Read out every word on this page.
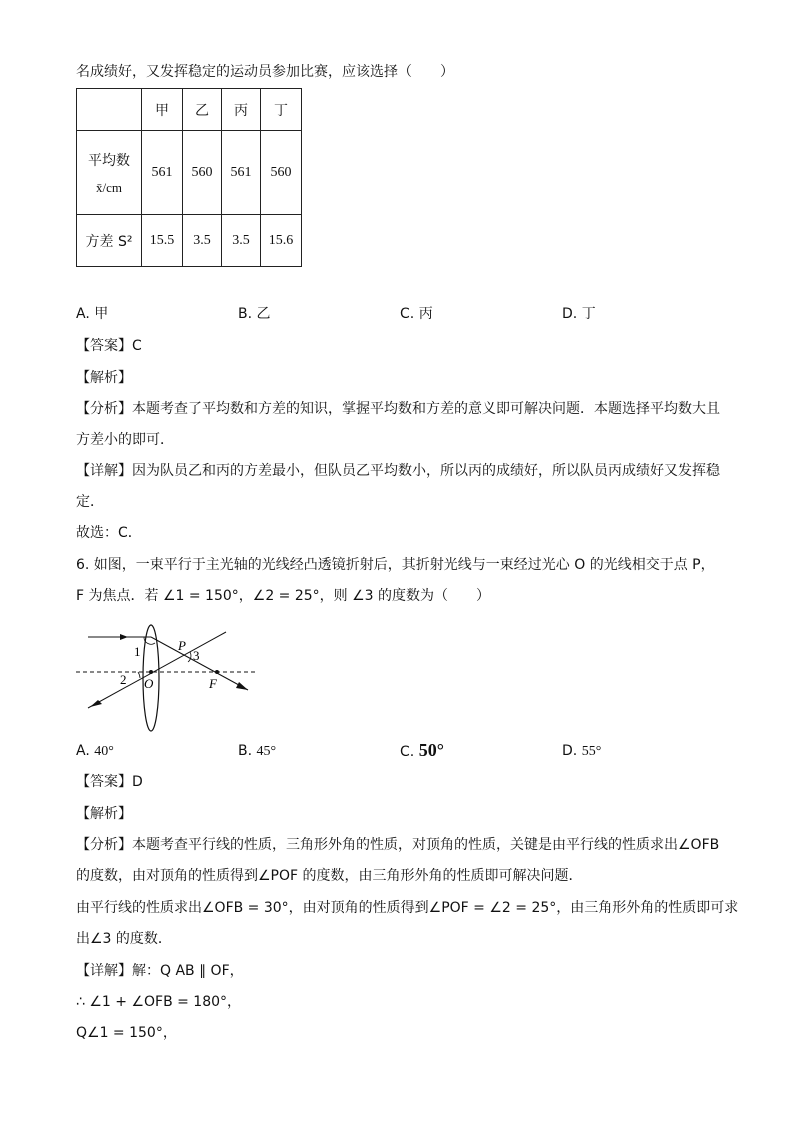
名成绩好，又发挥稳定的运动员参加比赛，应该选择（　　）
	甲	乙	丙	丁

平均数
x̄/cm	561	560	561	560
方差 S²	15.5	3.5	3.5	15.6
A. 甲	B. 乙	C. 丙	D. 丁
【答案】C
【解析】
【分析】本题考查了平均数和方差的知识，掌握平均数和方差的意义即可解决问题．本题选择平均数大且
方差小的即可．
【详解】因为队员乙和丙的方差最小，但队员乙平均数小，所以丙的成绩好，所以队员丙成绩好又发挥稳
定．
故选：C．
6. 如图，一束平行于主光轴的光线经凸透镜折射后，其折射光线与一束经过光心 O 的光线相交于点 P，
F 为焦点．若 ∠1 = 150°，∠2 = 25°，则 ∠3 的度数为（　　）
P
3
1
2 O	F
A. 40°	B. 45°	C. 50°	D. 55°
【答案】D
【解析】
【分析】本题考查平行线的性质，三角形外角的性质，对顶角的性质，关键是由平行线的性质求出∠OFB
的度数，由对顶角的性质得到∠POF 的度数，由三角形外角的性质即可解决问题．
由平行线的性质求出∠OFB = 30°，由对顶角的性质得到∠POF = ∠2 = 25°，由三角形外角的性质即可求
出∠3 的度数．
【详解】解：Q AB ∥ OF，
∴ ∠1 + ∠OFB = 180°，
Q∠1 = 150°，
